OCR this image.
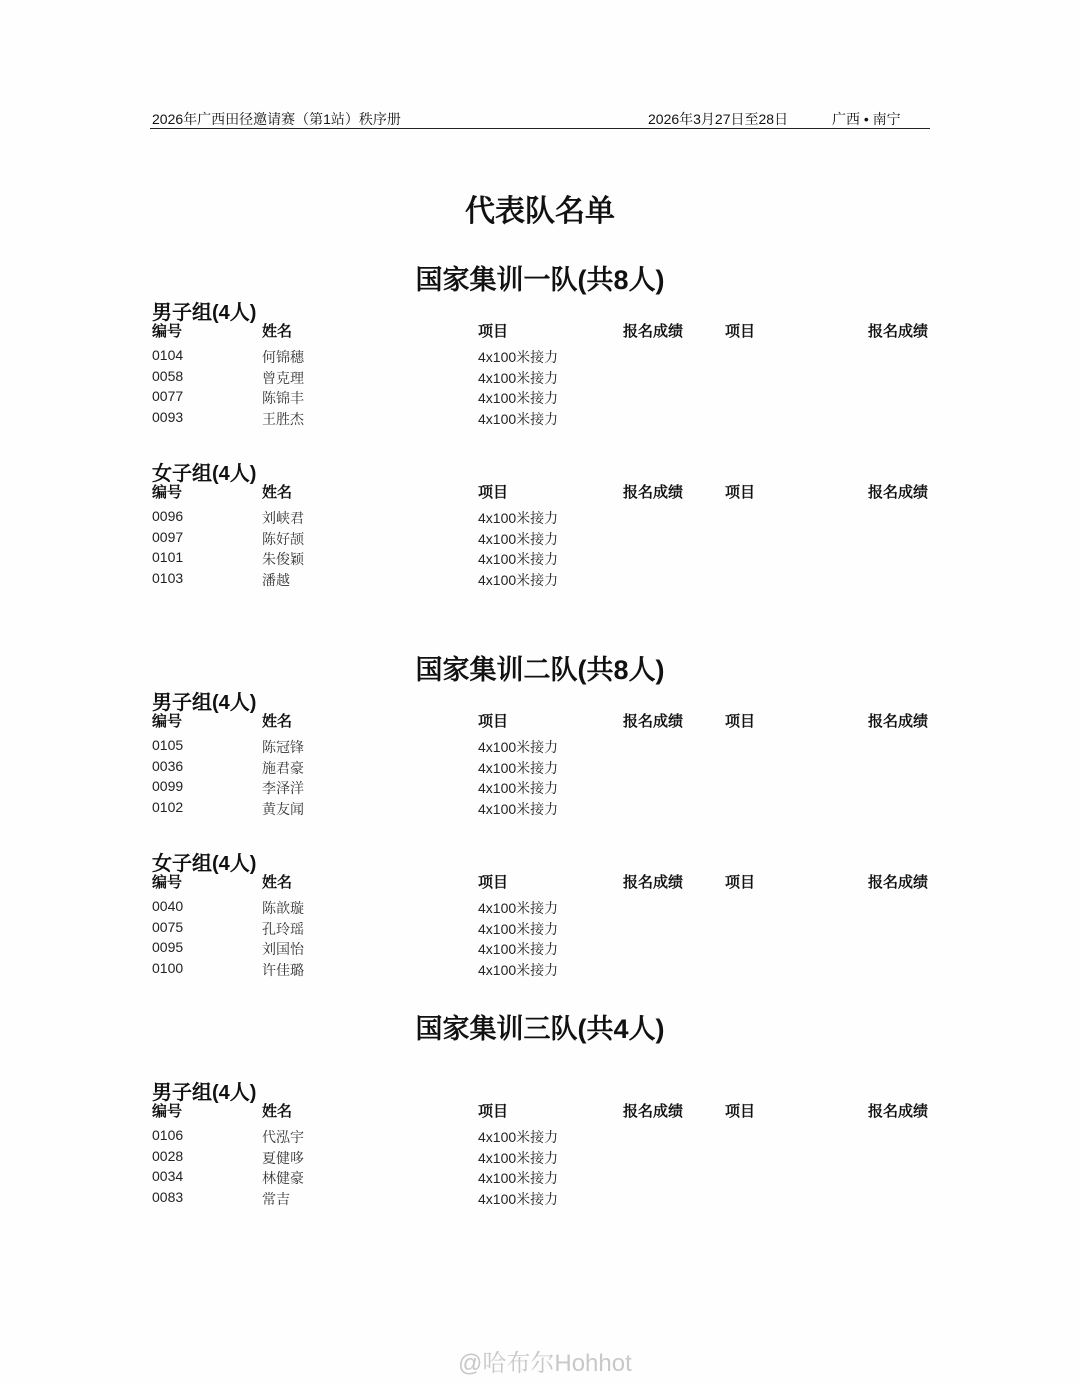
2026年广西田径邀请赛（第1站）秩序册	2026年3月27日至28日	广西 • 南宁
代表队名单
@哈布尔Hohhot
国家集训一队(共8人)
男子组(4人)
编号	姓名	项目	报名成绩	项目	报名成绩
0104	何锦穗	4x100米接力
0058	曾克理	4x100米接力
0077	陈锦丰	4x100米接力
0093	王胜杰	4x100米接力
女子组(4人)
编号	姓名	项目	报名成绩	项目	报名成绩
0096	刘峡君	4x100米接力
0097	陈好颉	4x100米接力
0101	朱俊颖	4x100米接力
0103	潘越	4x100米接力
国家集训二队(共8人)
男子组(4人)
编号	姓名	项目	报名成绩	项目	报名成绩
0105	陈冠锋	4x100米接力
0036	施君豪	4x100米接力
0099	李泽洋	4x100米接力
0102	黄友闻	4x100米接力
女子组(4人)
编号	姓名	项目	报名成绩	项目	报名成绩
0040	陈歆璇	4x100米接力
0075	孔玲瑶	4x100米接力
0095	刘国怡	4x100米接力
0100	许佳璐	4x100米接力
国家集训三队(共4人)
男子组(4人)
编号	姓名	项目	报名成绩	项目	报名成绩
0106	代泓宇	4x100米接力
0028	夏健哆	4x100米接力
0034	林健豪	4x100米接力
0083	常吉	4x100米接力
